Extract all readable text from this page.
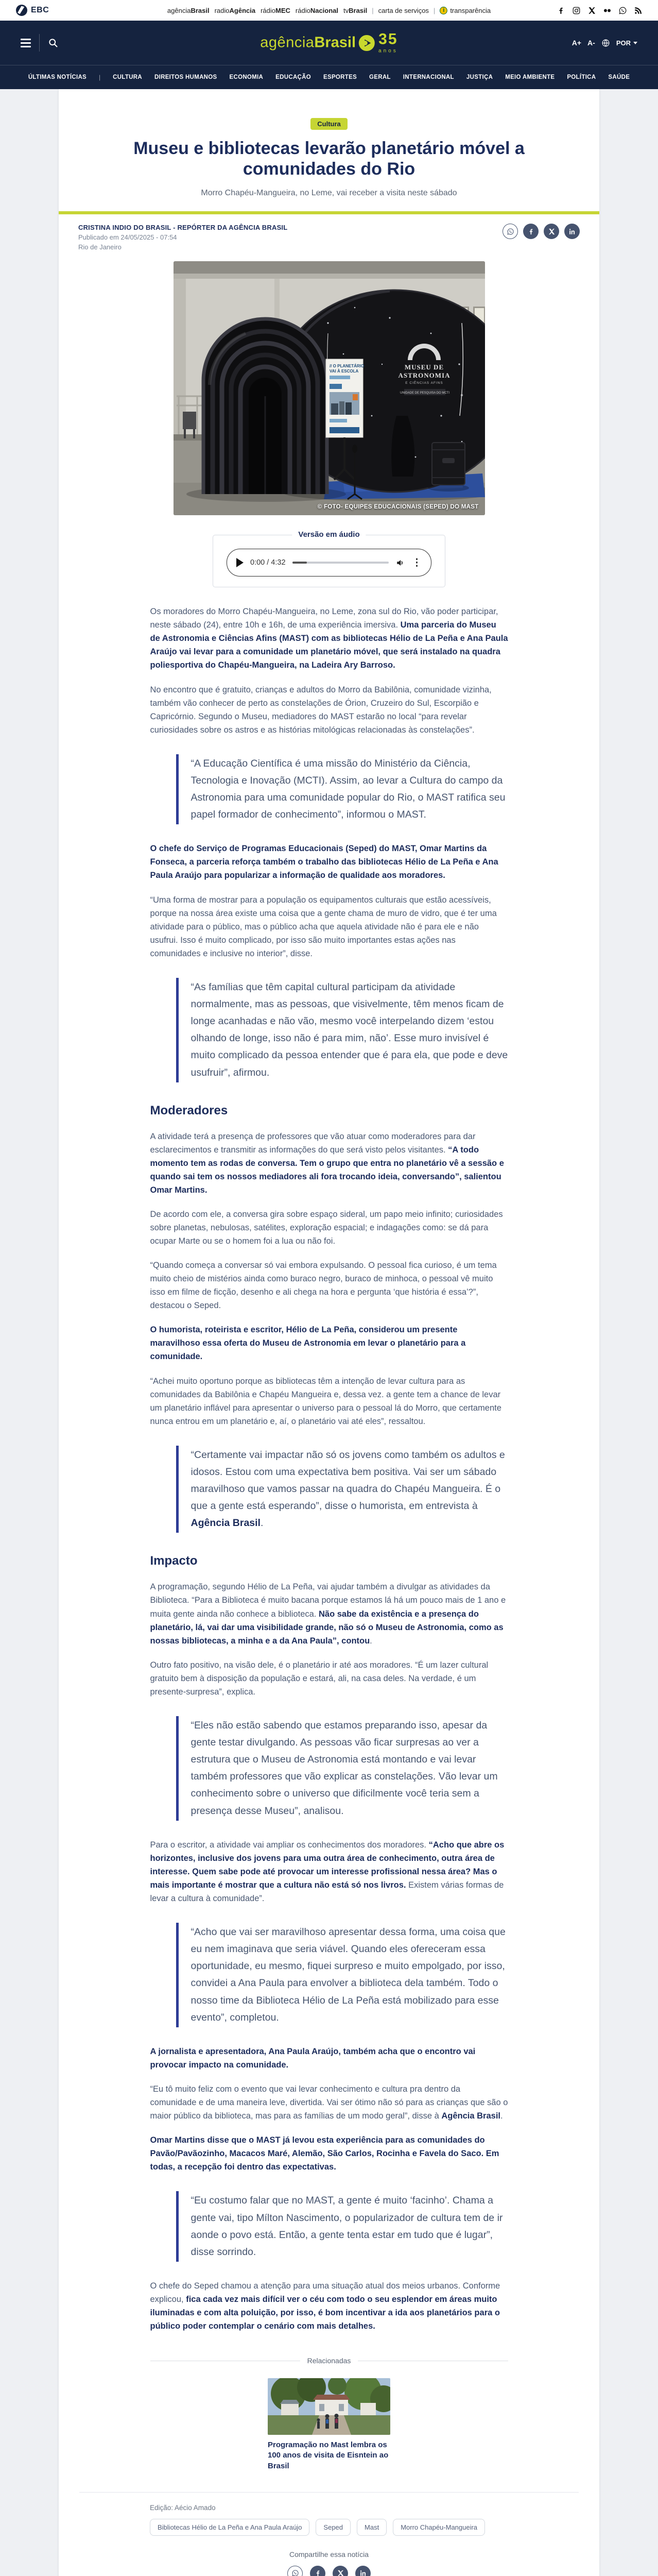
EBC	agênciaBrasil radioAgência rádioMEC rádioNacional tvBrasil | carta de serviços |	i transparência
agência Brasil 35
anos
A+ A-	POR
ÚLTIMAS NOTÍCIAS | CULTURA DIREITOS HUMANOS ECONOMIA EDUCAÇÃO ESPORTES GERAL INTERNACIONAL JUSTIÇA MEIO AMBIENTE POLÍTICA SAÚDE
Cultura
Museu e bibliotecas levarão planetário móvel a comunidades do Rio

Morro Chapéu-Mangueira, no Leme, vai receber a visita neste sábado

CRISTINA INDIO DO BRASIL - REPÓRTER DA AGÊNCIA BRASIL
Publicado em 24/05/2025 - 07:54
Rio de Janeiro
MUSEU DE
ASTRONOMIA
E CIÊNCIAS AFINS
UNIDADE DE PESQUISA DO MCTI
// O PLANETÁRIO
VAI À ESCOLA
© FOTO- EQUIPES EDUCACIONAIS (SEPED) DO MAST
Versão em áudio
0:00 / 4:32	⋮

Os moradores do Morro Chapéu-Mangueira, no Leme, zona sul do Rio, vão poder participar, neste sábado (24), entre 10h e 16h, de uma experiência imersiva. Uma parceria do Museu de Astronomia e Ciências Afins (MAST) com as bibliotecas Hélio de La Peña e Ana Paula Araújo vai levar para a comunidade um planetário móvel, que será instalado na quadra poliesportiva do Chapéu-Mangueira, na Ladeira Ary Barroso.

No encontro que é gratuito, crianças e adultos do Morro da Babilônia, comunidade vizinha, também vão conhecer de perto as constelações de Órion, Cruzeiro do Sul, Escorpião e Capricórnio. Segundo o Museu, mediadores do MAST estarão no local “para revelar curiosidades sobre os astros e as histórias mitológicas relacionadas às constelações”.

“A Educação Científica é uma missão do Ministério da Ciência, Tecnologia e Inovação (MCTI). Assim, ao levar a Cultura do campo da Astronomia para uma comunidade popular do Rio, o MAST ratifica seu papel formador de conhecimento”, informou o MAST.

O chefe do Serviço de Programas Educacionais (Seped) do MAST, Omar Martins da Fonseca, a parceria reforça também o trabalho das bibliotecas Hélio de La Peña e Ana Paula Araújo para popularizar a informação de qualidade aos moradores.

“Uma forma de mostrar para a população os equipamentos culturais que estão acessíveis, porque na nossa área existe uma coisa que a gente chama de muro de vidro, que é ter uma atividade para o público, mas o público acha que aquela atividade não é para ele e não usufrui. Isso é muito complicado, por isso são muito importantes estas ações nas comunidades e inclusive no interior”, disse.

“As famílias que têm capital cultural participam da atividade normalmente, mas as pessoas, que visivelmente, têm menos ficam de longe acanhadas e não vão, mesmo você interpelando dizem ‘estou olhando de longe, isso não é para mim, não’. Esse muro invisível é muito complicado da pessoa entender que é para ela, que pode e deve usufruir”, afirmou.

Moderadores

A atividade terá a presença de professores que vão atuar como moderadores para dar esclarecimentos e transmitir as informações do que será visto pelos visitantes. “A todo momento tem as rodas de conversa. Tem o grupo que entra no planetário vê a sessão e quando sai tem os nossos mediadores ali fora trocando ideia, conversando”, salientou Omar Martins.

De acordo com ele, a conversa gira sobre espaço sideral, um papo meio infinito; curiosidades sobre planetas, nebulosas, satélites, exploração espacial; e indagações como: se dá para ocupar Marte ou se o homem foi a lua ou não foi.

“Quando começa a conversar só vai embora expulsando. O pessoal fica curioso, é um tema muito cheio de mistérios ainda como buraco negro, buraco de minhoca, o pessoal vê muito isso em filme de ficção, desenho e ali chega na hora e pergunta ‘que história é essa’?”, destacou o Seped.

O humorista, roteirista e escritor, Hélio de La Peña, considerou um presente maravilhoso essa oferta do Museu de Astronomia em levar o planetário para a comunidade.

“Achei muito oportuno porque as bibliotecas têm a intenção de levar cultura para as comunidades da Babilônia e Chapéu Mangueira e, dessa vez. a gente tem a chance de levar um planetário inflável para apresentar o universo para o pessoal lá do Morro, que certamente nunca entrou em um planetário e, aí, o planetário vai até eles”, ressaltou.

“Certamente vai impactar não só os jovens como também os adultos e idosos. Estou com uma expectativa bem positiva. Vai ser um sábado maravilhoso que vamos passar na quadra do Chapéu Mangueira. É o que a gente está esperando”, disse o humorista, em entrevista à Agência Brasil.

Impacto

A programação, segundo Hélio de La Peña, vai ajudar também a divulgar as atividades da Biblioteca. “Para a Biblioteca é muito bacana porque estamos lá há um pouco mais de 1 ano e muita gente ainda não conhece a biblioteca. Não sabe da existência e a presença do planetário, lá, vai dar uma visibilidade grande, não só o Museu de Astronomia, como as nossas bibliotecas, a minha e a da Ana Paula”, contou.

Outro fato positivo, na visão dele, é o planetário ir até aos moradores. “É um lazer cultural gratuito bem à disposição da população e estará, ali, na casa deles. Na verdade, é um presente-surpresa”, explica.

“Eles não estão sabendo que estamos preparando isso, apesar da gente testar divulgando. As pessoas vão ficar surpresas ao ver a estrutura que o Museu de Astronomia está montando e vai levar também professores que vão explicar as constelações. Vão levar um conhecimento sobre o universo que dificilmente você teria sem a presença desse Museu”, analisou.

Para o escritor, a atividade vai ampliar os conhecimentos dos moradores. “Acho que abre os horizontes, inclusive dos jovens para uma outra área de conhecimento, outra área de interesse. Quem sabe pode até provocar um interesse profissional nessa área? Mas o mais importante é mostrar que a cultura não está só nos livros. Existem várias formas de levar a cultura à comunidade”.

“Acho que vai ser maravilhoso apresentar dessa forma, uma coisa que eu nem imaginava que seria viável. Quando eles ofereceram essa oportunidade, eu mesmo, fiquei surpreso e muito empolgado, por isso, convidei a Ana Paula para envolver a biblioteca dela também. Todo o nosso time da Biblioteca Hélio de La Peña está mobilizado para esse evento”, completou.

A jornalista e apresentadora, Ana Paula Araújo, também acha que o encontro vai provocar impacto na comunidade.

“Eu tô muito feliz com o evento que vai levar conhecimento e cultura pra dentro da comunidade e de uma maneira leve, divertida. Vai ser ótimo não só para as crianças que são o maior público da biblioteca, mas para as famílias de um modo geral”, disse à Agência Brasil.

Omar Martins disse que o MAST já levou esta experiência para as comunidades do Pavão/Pavãozinho, Macacos Maré, Alemão, São Carlos, Rocinha e Favela do Saco. Em todas, a recepção foi dentro das expectativas.

“Eu costumo falar que no MAST, a gente é muito ‘facinho’. Chama a gente vai, tipo Mílton Nascimento, o popularizador de cultura tem de ir aonde o povo está. Então, a gente tenta estar em tudo que é lugar”, disse sorrindo.

O chefe do Seped chamou a atenção para uma situação atual dos meios urbanos. Conforme explicou, fica cada vez mais difícil ver o céu com todo o seu esplendor em áreas muito iluminadas e com alta poluição, por isso, é bom incentivar a ida aos planetários para o público poder contemplar o cenário com mais detalhes.

Relacionadas
Programação no Mast lembra os 100 anos de visita de Eisntein ao Brasil
Edição: Aécio Amado
Bibliotecas Hélio de La Peña e Ana Paula Araújo	Seped	Mast	Morro Chapéu-Mangueira
Compartilhe essa notícia
